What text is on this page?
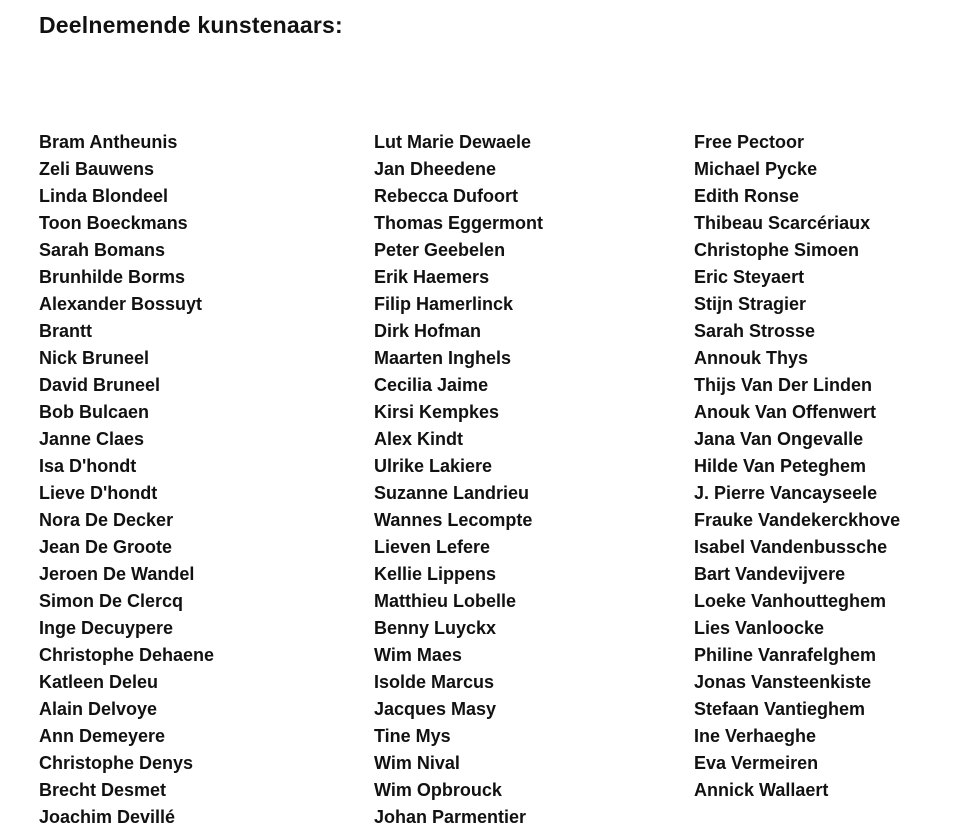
Deelnemende kunstenaars:
Bram Antheunis
Zeli Bauwens
Linda Blondeel
Toon Boeckmans
Sarah Bomans
Brunhilde Borms
Alexander Bossuyt
Brantt
Nick Bruneel
David Bruneel
Bob Bulcaen
Janne Claes
Isa D'hondt
Lieve D'hondt
Nora De Decker
Jean De Groote
Jeroen De Wandel
Simon De Clercq
Inge Decuypere
Christophe Dehaene
Katleen Deleu
Alain Delvoye
Ann Demeyere
Christophe Denys
Brecht Desmet
Joachim Devillé
Lut Marie Dewaele
Jan Dheedene
Rebecca Dufoort
Thomas Eggermont
Peter Geebelen
Erik Haemers
Filip Hamerlinck
Dirk Hofman
Maarten Inghels
Cecilia Jaime
Kirsi Kempkes
Alex Kindt
Ulrike Lakiere
Suzanne Landrieu
Wannes Lecompte
Lieven Lefere
Kellie Lippens
Matthieu Lobelle
Benny Luyckx
Wim Maes
Isolde Marcus
Jacques Masy
Tine Mys
Wim Nival
Wim Opbrouck
Johan Parmentier
Free Pectoor
Michael Pycke
Edith Ronse
Thibeau Scarcériaux
Christophe Simoen
Eric Steyaert
Stijn Stragier
Sarah Strosse
Annouk Thys
Thijs Van Der Linden
Anouk Van Offenwert
Jana Van Ongevalle
Hilde Van Peteghem
J. Pierre Vancayseele
Frauke Vandekerckhove
Isabel Vandenbussche
Bart Vandevijvere
Loeke Vanhoutteghem
Lies Vanloocke
Philine Vanrafelghem
Jonas Vansteenkiste
Stefaan Vantieghem
Ine Verhaeghe
Eva Vermeiren
Annick Wallaert
